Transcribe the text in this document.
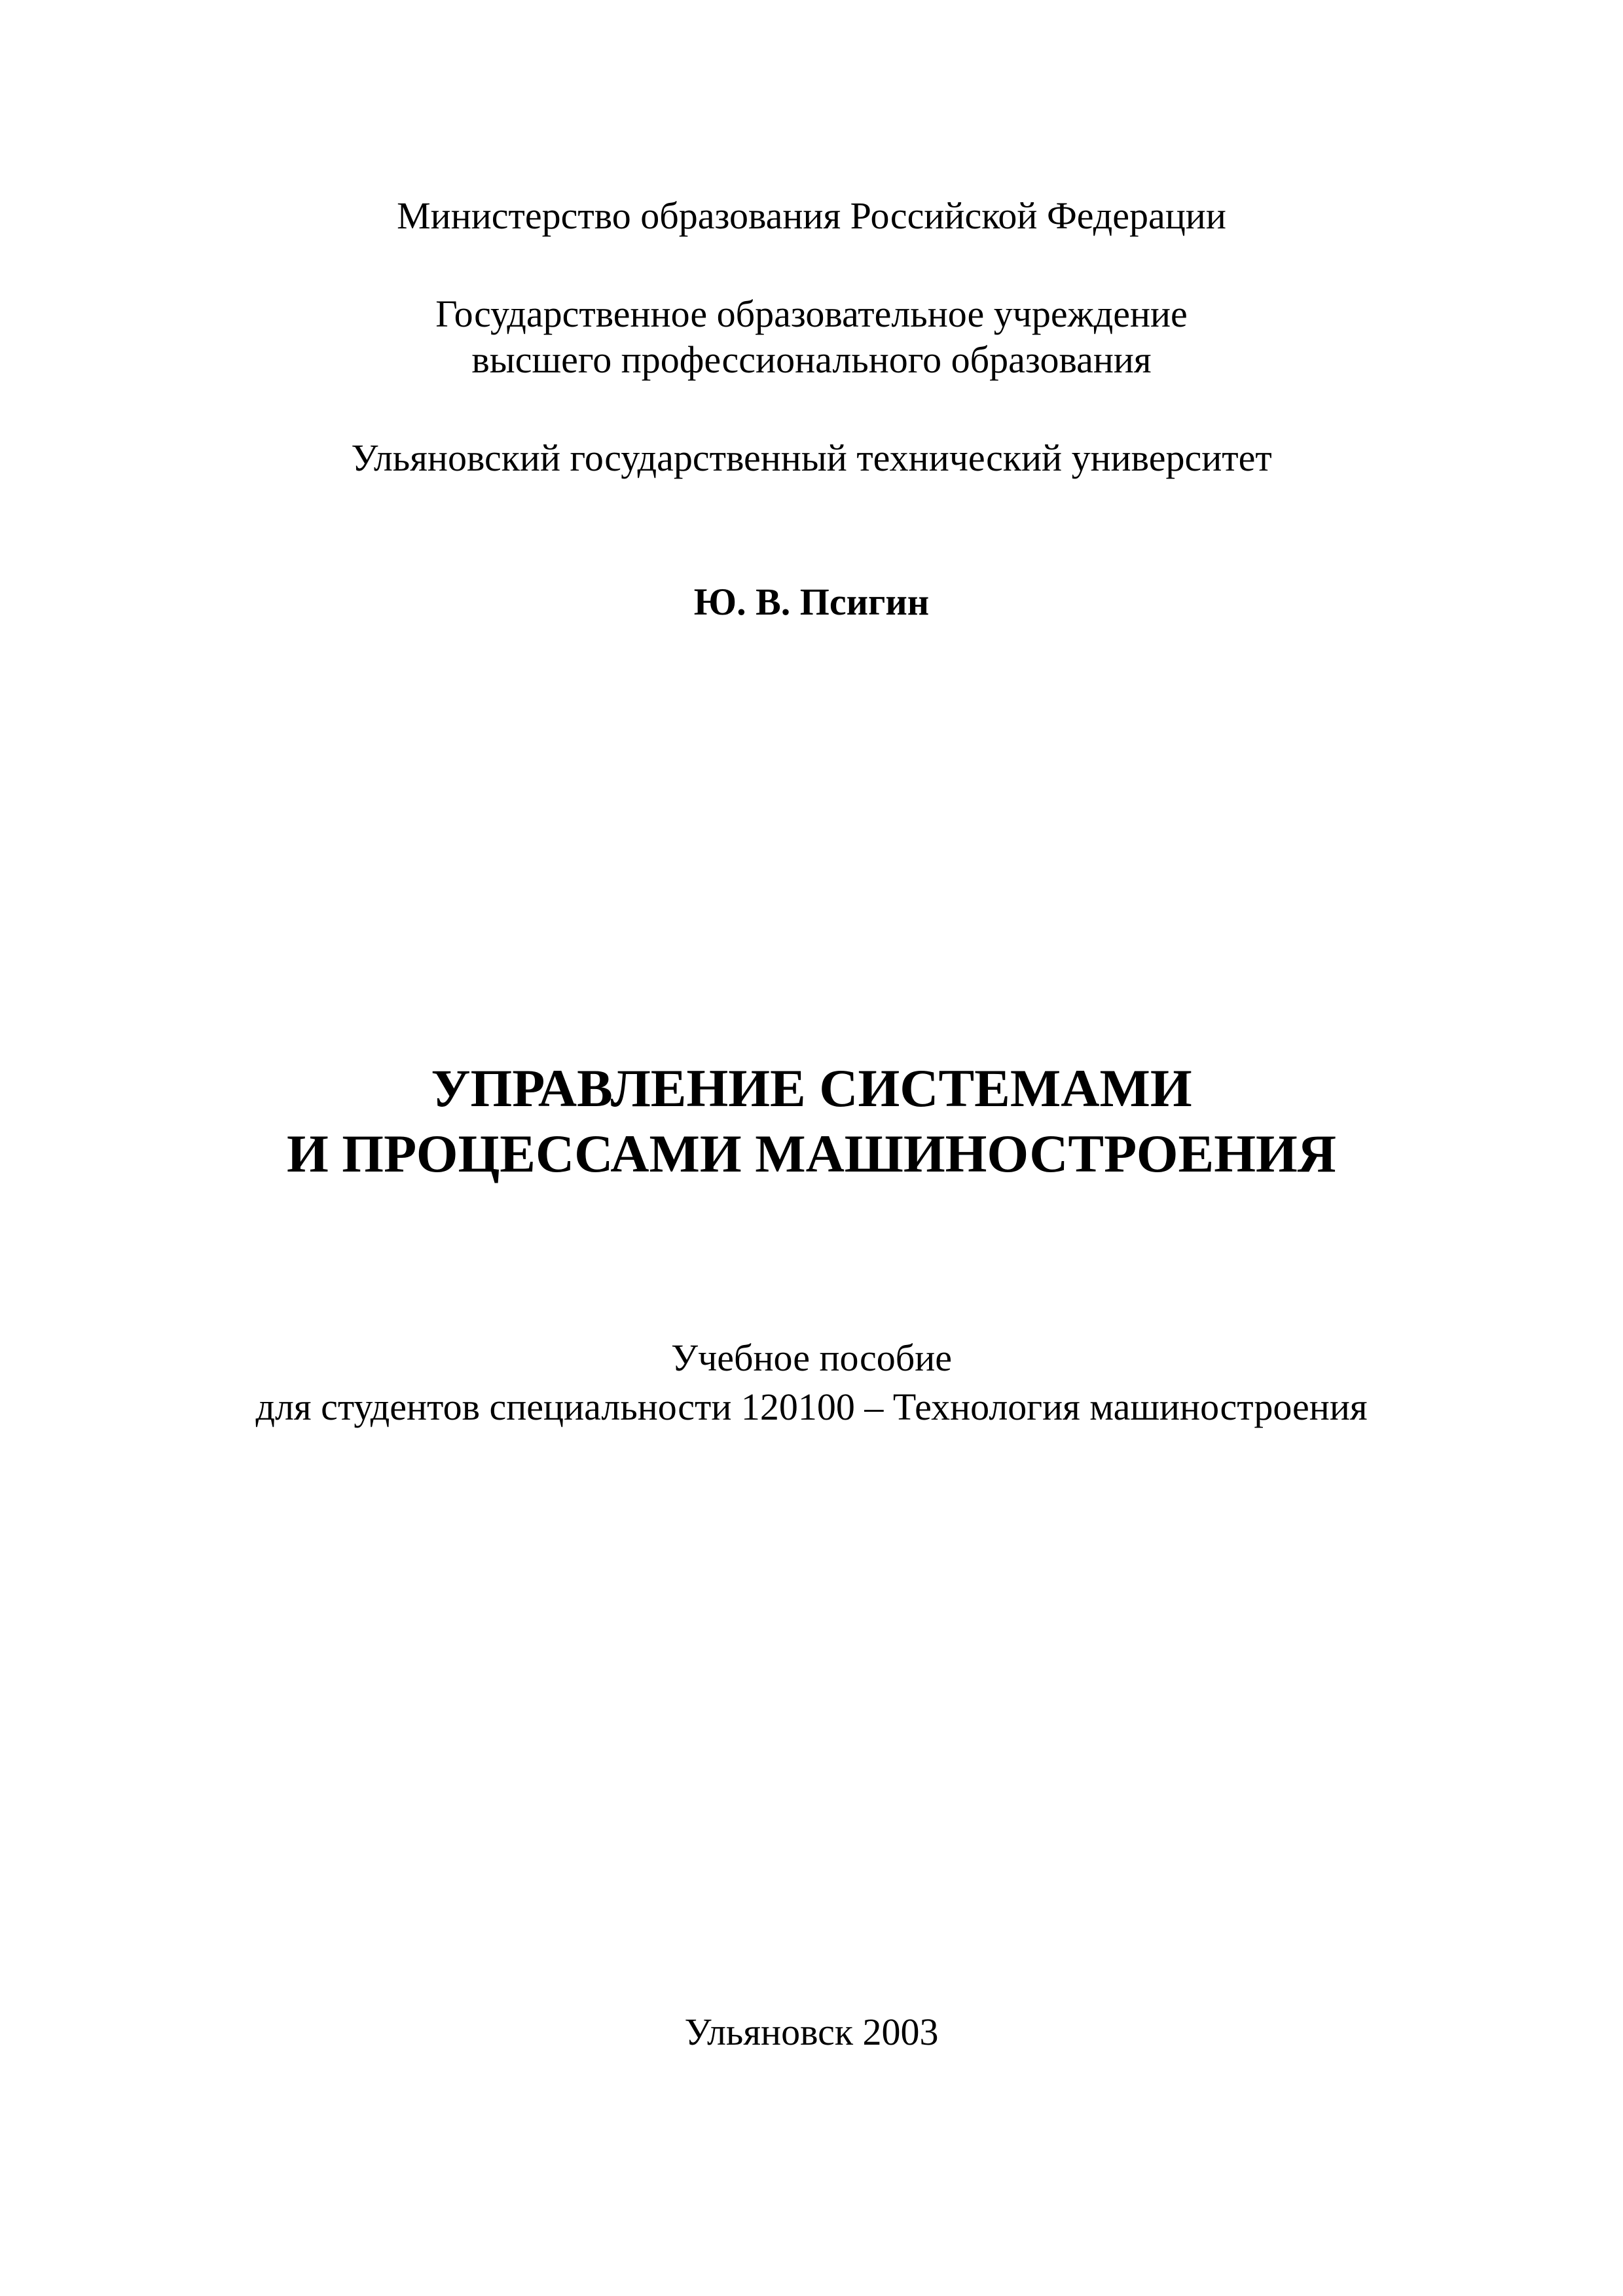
Министерство образования Российской Федерации
Государственное образовательное учреждение
высшего профессионального образования
Ульяновский государственный технический университет
Ю. В. Псигин
УПРАВЛЕНИЕ СИСТЕМАМИ
И ПРОЦЕССАМИ МАШИНОСТРОЕНИЯ
Учебное пособие
для студентов специальности 120100 – Технология машиностроения
Ульяновск 2003
